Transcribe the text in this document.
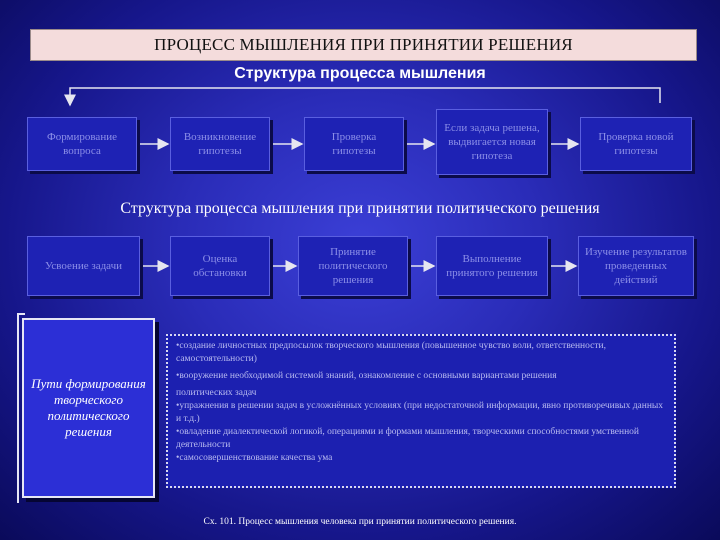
ПРОЦЕСС МЫШЛЕНИЯ ПРИ ПРИНЯТИИ РЕШЕНИЯ
Структура процесса мышления
Формирование вопроса
Возникновение гипотезы
Проверка гипотезы
Если задача решена, выдвигается новая гипотеза
Проверка новой гипотезы
Структура процесса мышления при принятии политического решения
Усвоение задачи
Оценка обстановки
Принятие политического решения
Выполнение принятого решения
Изучение результатов проведенных действий
Пути формирования творческого политического решения
•создание личностных предпосылок творческого мышления (повышенное чувство воли, ответственности, самостоятельности)
•вооружение необходимой системой знаний, ознакомление с основными вариантами решения
политических задач
•упражнения в решении задач в усложнённых условиях (при недостаточной информации, явно противоречивых данных и т.д.)
•овладение диалектической логикой, операциями и формами мышления, творческими способностями умственной деятельности
•самосовершенствование качества ума
Сх. 101. Процесс мышления человека при принятии политического решения.
